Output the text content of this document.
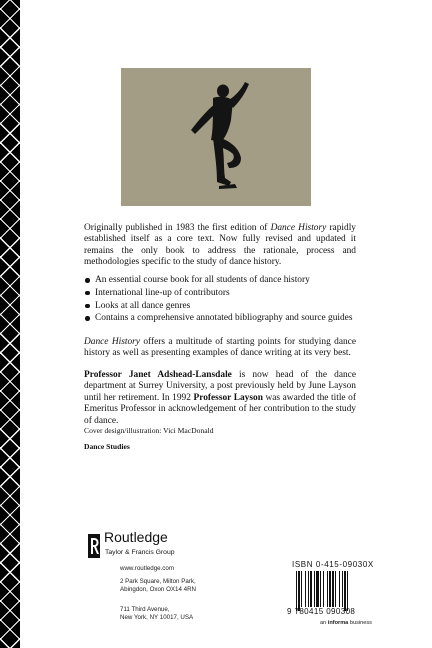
Originally published in 1983 the first edition of Dance History rapidly established itself as a core text. Now fully revised and updated it remains the only book to address the rationale, process and methodologies specific to the study of dance history.

An essential course book for all students of dance history
International line-up of contributors
Looks at all dance genres
Contains a comprehensive annotated bibliography and source guides

Dance History offers a multitude of starting points for studying dance history as well as presenting examples of dance writing at its very best.

Professor Janet Adshead-Lansdale is now head of the dance department at Surrey University, a post previously held by June Layson until her retirement. In 1992 Professor Layson was awarded the title of Emeritus Professor in acknowledgement of her contribution to the study of dance.

Cover design/illustration: Vici MacDonald
Dance Studies
Routledge
Taylor & Francis Group
www.routledge.com
2 Park Square, Milton Park,
Abingdon, Oxon OX14 4RN
711 Third Avenue,
New York, NY 10017, USA
ISBN 0-415-09030X
9 780415 090308
an informa business
